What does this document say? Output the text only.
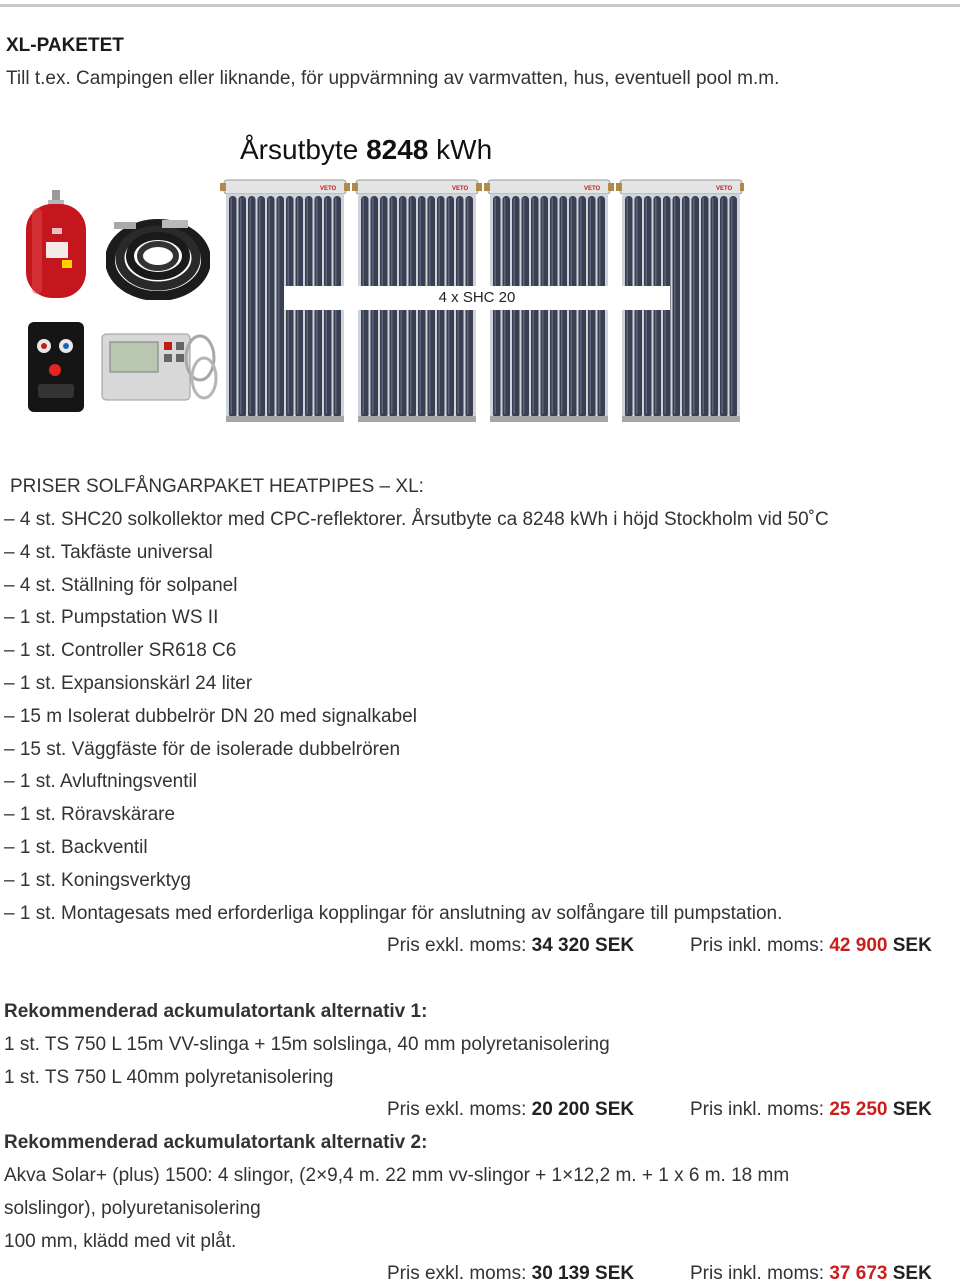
XL-PAKETET
Till t.ex. Campingen eller liknande, för uppvärmning av varmvatten, hus, eventuell pool m.m.
Årsutbyte 8248 kWh
VETO	VETO	VETO	VETO
4 x SHC 20
PRISER SOLFÅNGARPAKET HEATPIPES – XL:
– 4 st. SHC20 solkollektor med CPC-reflektorer. Årsutbyte ca 8248 kWh i höjd Stockholm vid 50˚C
– 4 st. Takfäste universal
– 4 st. Ställning för solpanel
– 1 st. Pumpstation WS II
– 1 st. Controller SR618 C6
– 1 st. Expansionskärl 24 liter
– 15 m Isolerat dubbelrör DN 20 med signalkabel
– 15 st. Väggfäste för de isolerade dubbelrören
– 1 st. Avluftningsventil
– 1 st. Röravskärare
– 1 st. Backventil
– 1 st. Koningsverktyg
– 1 st. Montagesats med erforderliga kopplingar för anslutning av solfångare till pumpstation.
Pris exkl. moms: 34 320 SEK	Pris inkl. moms: 42 900 SEK
Rekommenderad ackumulatortank alternativ 1:
1 st. TS 750 L 15m VV-slinga + 15m solslinga, 40 mm polyretanisolering
1 st. TS 750 L 40mm polyretanisolering
Pris exkl. moms: 20 200 SEK	Pris inkl. moms: 25 250 SEK
Rekommenderad ackumulatortank alternativ 2:
Akva Solar+ (plus) 1500: 4 slingor, (2×9,4 m. 22 mm vv-slingor + 1×12,2 m. + 1 x 6 m. 18 mm
solslingor), polyuretanisolering
100 mm, klädd med vit plåt.
Pris exkl. moms: 30 139 SEK	Pris inkl. moms: 37 673 SEK
